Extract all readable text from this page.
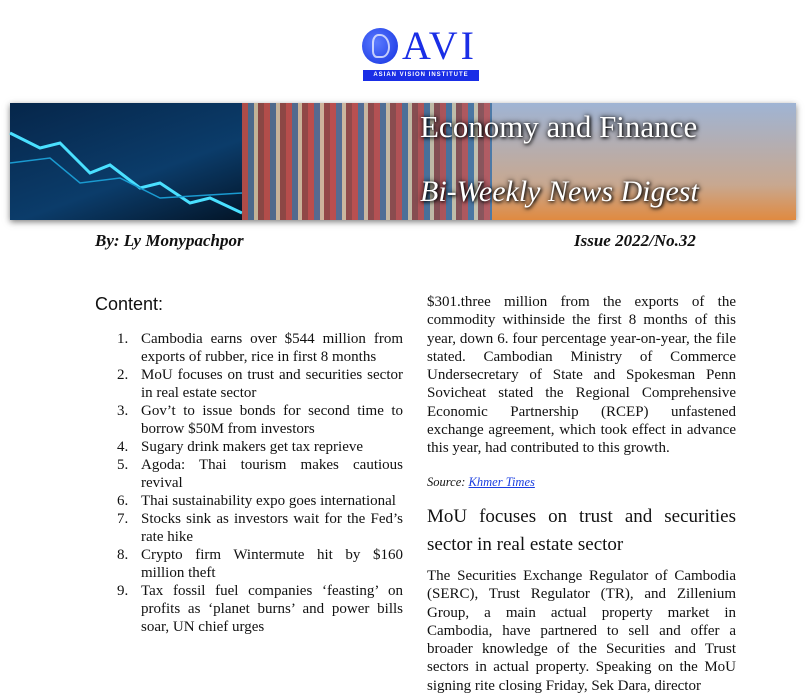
AVI
ASIAN VISION INSTITUTE
Economy and Finance
Bi-Weekly News Digest
By: Ly Monypachpor	Issue 2022/No.32
Content:
1. Cambodia earns over $544 million from exports of rubber, rice in first 8 months
2. MoU focuses on trust and securities sector in real estate sector
3. Gov’t to issue bonds for second time to borrow $50M from investors
4. Sugary drink makers get tax reprieve
5. Agoda: Thai tourism makes cautious revival
6. Thai sustainability expo goes international
7. Stocks sink as investors wait for the Fed’s rate hike
8. Crypto firm Wintermute hit by $160 million theft
9. Tax fossil fuel companies ‘feasting’ on profits as ‘planet burns’ and power bills soar, UN chief urges
$301.three million from the exports of the commodity withinside the first 8 months of this year, down 6. four percentage year-on-year, the file stated. Cambodian Ministry of Commerce Undersecretary of State and Spokesman Penn Sovicheat stated the Regional Comprehensive Economic Partnership (RCEP) unfastened exchange agreement, which took effect in advance this year, had contributed to this growth.
Source: Khmer Times
MoU focuses on trust and securities sector in real estate sector
The Securities Exchange Regulator of Cambodia (SERC), Trust Regulator (TR), and Zillenium Group, a main actual property market in Cambodia, have partnered to sell and offer a broader knowledge of the Securities and Trust sectors in actual property. Speaking on the MoU signing rite closing Friday, Sek Dara, director
